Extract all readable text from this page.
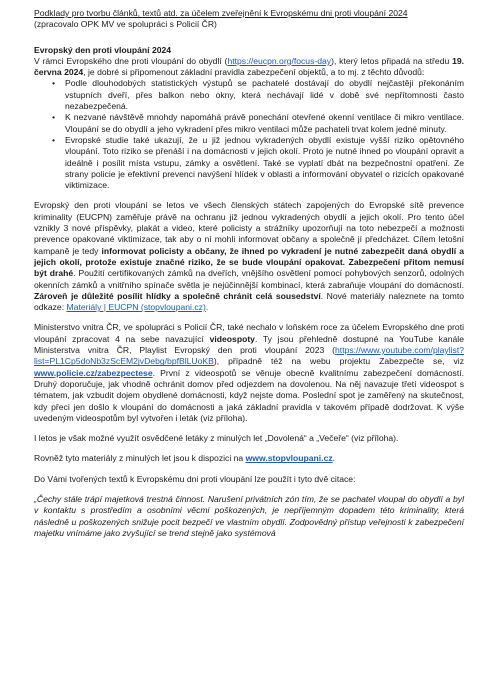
Podklady pro tvorbu článků, textů atd. za účelem zveřejnění k Evropskému dni proti vloupání 2024

(zpracovalo OPK MV ve spolupráci s Policií ČR)

Evropský den proti vloupání 2024

V rámci Evropského dne proti vloupání do obydlí (https://eucpn.org/focus-day), který letos připadá na středu 19. června 2024, je dobré si připomenout základní pravidla zabezpečení objektů, a to mj. z těchto důvodů:

• Podle dlouhodobých statistických výstupů se pachatelé dostávají do obydlí nejčastěji překonáním vstupních dveří, přes balkon nebo okny, která nechávají lidé v době své nepřítomnosti často nezabezpečená.
• K nezvané návštěvě mnohdy napomáhá právě ponechání otevřené okenní ventilace či mikro ventilace. Vloupání se do obydlí a jeho vykradení přes mikro ventilaci může pachateli trvat kolem jedné minuty.
• Evropské studie také ukazují, že u již jednou vykradených obydlí existuje vyšší riziko opětovného vloupání. Toto riziko se přenáší i na domácnosti v jejich okolí. Proto je nutné ihned po vloupání opravit a ideálně i posílit místa vstupu, zámky a osvětlení. Také se vyplatí dbát na bezpečnostní opatření. Ze strany policie je efektivní prevenci navýšení hlídek v oblasti a informování obyvatel o rizicích opakované viktimizace.

Evropský den proti vloupání se letos ve všech členských státech zapojených do Evropské sítě prevence kriminality (EUCPN) zaměřuje právě na ochranu již jednou vykradených obydlí a jejich okolí. Pro tento účel vznikly 3 nové příspěvky, plakát a video, které policisty a strážníky upozorňují na toto nebezpečí a možnosti prevence opakované viktimizace, tak aby o ní mohli informovat občany a společně jí předcházet. Cílem letošní kampaně je tedy informovat policisty a občany, že ihned po vykradení je nutné zabezpečit daná obydlí a jejich okolí, protože existuje značné riziko, že se bude vloupání opakovat. Zabezpečení přitom nemusí být drahé. Použití certifikovaných zámků na dveřích, vnějšího osvětlení pomocí pohybových senzorů, odolných okenních zámků a vnitřního spínače světla je nejúčinnější kombinací, která zabraňuje vloupání do domácností. Zároveň je důležité posílit hlídky a společně chránit celá sousedství. Nové materiály naleznete na tomto odkaze: Materiály | EUCPN (stopvloupani.cz).

Ministerstvo vnitra ČR, ve spolupráci s Policií ČR, také nechalo v loňském roce za účelem Evropského dne proti vloupání zpracovat 4 na sebe navazující videospoty. Ty jsou přehledně dostupné na YouTube kanále Ministerstva vnitra ČR, Playlist Evropský den proti vloupání 2023 (https://www.youtube.com/playlist?list=PL1Cp5doNb3zScEM2jvDebg/bpfBlLUoKB), případně též na webu projektu Zabezpečte se, viz www.policie.cz/zabezpectese. První z videospotů se věnuje obecně kvalitnímu zabezpečení domácností. Druhý doporučuje, jak vhodně ochránit domov před odjezdem na dovolenou. Na něj navazuje třetí videospot s tématem, jak vzbudit dojem obydlené domácnosti, když nejste doma. Poslední spot je zaměřený na skutečnost, kdy přeci jen došlo k vloupání do domácnosti a jaká základní pravidla v takovém případě dodržovat. K výše uvedeným videospotům byl vytvořen i leták (viz příloha).

I letos je však možné využít osvědčené letáky z minulých let „Dovolená“ a „Večeře“ (viz příloha).

Rovněž tyto materiály z minulých let jsou k dispozici na www.stopvloupani.cz.

Do Vámi tvořených textů k Evropskému dni proti vloupání lze použít i tyto dvě citace:

„Čechy stále trápí majetková trestná činnost. Narušení privátních zón tím, že se pachatel vloupal do obydlí a byl v kontaktu s prostředím a osobními věcmi poškozených, je nepříjemným dopadem této kriminality, která následně u poškozených snižuje pocit bezpečí ve vlastním obydlí. Zodpovědný přístup veřejnosti k zabezpečení majetku vnímáme jako zvyšující se trend stejně jako systémová
